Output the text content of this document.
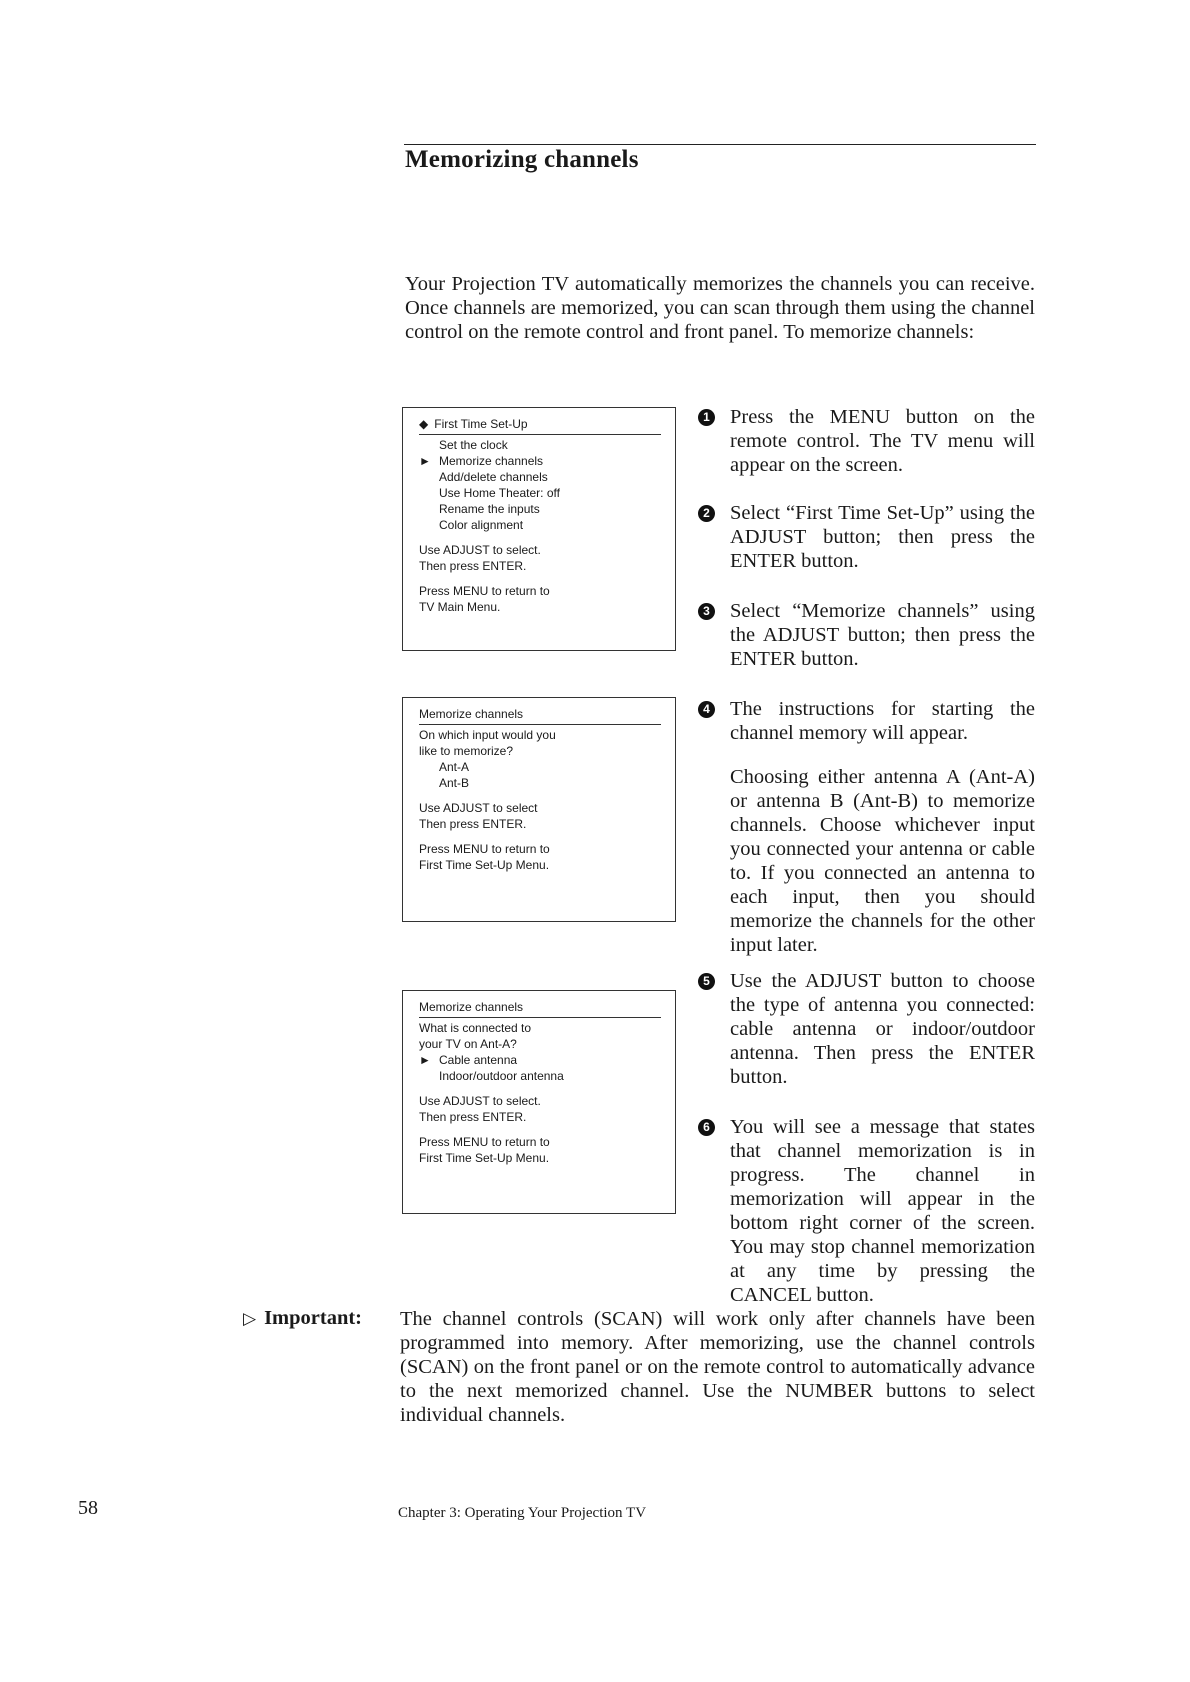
Memorizing channels
Your Projection TV automatically memorizes the channels you can receive. Once channels are memorized, you can scan through them using the channel control on the remote control and front panel. To memorize channels:
◆ First Time Set-Up
Set the clock
► Memorize channels
Add/delete channels
Use Home Theater: off
Rename the inputs
Color alignment
Use ADJUST to select.
Then press ENTER.
Press MENU to return to
TV Main Menu.
Memorize channels
On which input would you
like to memorize?
Ant-A
Ant-B
Use ADJUST to select
Then press ENTER.
Press MENU to return to
First Time Set-Up Menu.
Memorize channels
What is connected to
your TV on Ant-A?
► Cable antenna
Indoor/outdoor antenna
Use ADJUST to select.
Then press ENTER.
Press MENU to return to
First Time Set-Up Menu.
1 Press the MENU button on the remote control. The TV menu will appear on the screen.
2 Select “First Time Set-Up” using the ADJUST button; then press the ENTER button.
3 Select “Memorize channels” using the ADJUST button; then press the ENTER button.
4 The instructions for starting the channel memory will appear.
Choosing either antenna A (Ant-A) or antenna B (Ant-B) to memorize channels. Choose whichever input you connected your antenna or cable to. If you connected an antenna to each input, then you should memorize the channels for the other input later.
5 Use the ADJUST button to choose the type of antenna you connected: cable antenna or indoor/outdoor antenna. Then press the ENTER button.
6 You will see a message that states that channel memorization is in progress. The channel in memorization will appear in the bottom right corner of the screen. You may stop channel memorization at any time by pressing the CANCEL button.
▷ Important: The channel controls (SCAN) will work only after channels have been programmed into memory. After memorizing, use the channel controls (SCAN) on the front panel or on the remote control to automatically advance to the next memorized channel. Use the NUMBER buttons to select individual channels.
58	Chapter 3: Operating Your Projection TV
